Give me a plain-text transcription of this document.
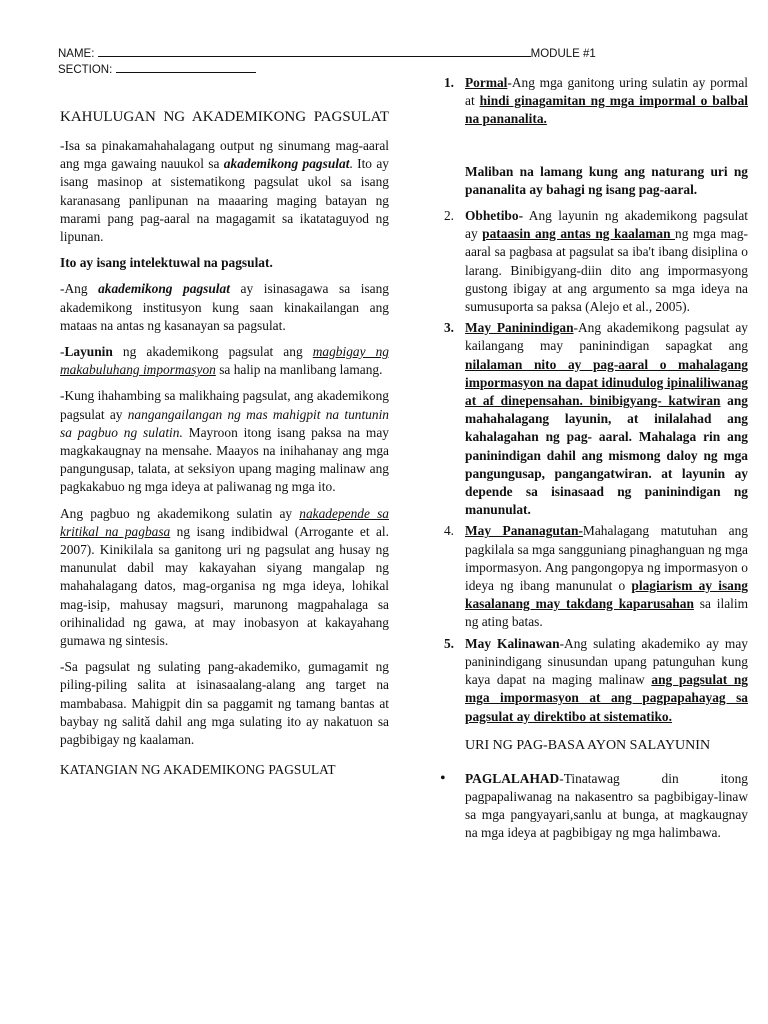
NAME:	MODULE #1
SECTION:
KAHULUGAN NG AKADEMIKONG PAGSULAT

-Isa sa pinakamahahalagang output ng sinumang mag-aaral ang mga gawaing nauukol sa akademikong pagsulat. Ito ay isang masinop at sistematikong pagsulat ukol sa isang karanasang panlipunan na maaaring maging batayan ng marami pang pag-aaral na magagamit sa ikatataguyod ng lipunan.

Ito ay isang intelektuwal na pagsulat.

-Ang akademikong pagsulat ay isinasagawa sa isang akademikong institusyon kung saan kinakailangan ang mataas na antas ng kasanayan sa pagsulat.

-Layunin ng akademikong pagsulat ang magbigay ng makabuluhang impormasyon sa halip na manlibang lamang.

-Kung ihahambing sa malikhaing pagsulat, ang akademikong pagsulat ay nangangailangan ng mas mahigpit na tuntunin sa pagbuo ng sulatin. Mayroon itong isang paksa na may magkakaugnay na mensahe. Maayos na inihahanay ang mga pangungusap, talata, at seksiyon upang maging malinaw ang pagkakabuo ng mga ideya at paliwanag ng mga ito.

Ang pagbuo ng akademikong sulatin ay nakadepende sa kritikal na pagbasa ng isang indibidwal (Arrogante et al. 2007). Kinikilala sa ganitong uri ng pagsulat ang husay ng manunulat dabil may kakayahan siyang mangalap ng mahahalagang datos, mag-organisa ng mga ideya, lohikal mag-isip, mahusay magsuri, marunong magpahalaga sa orihinalidad ng gawa, at may inobasyon at kakayahang gumawa ng sintesis.

-Sa pagsulat ng sulating pang-akademiko, gumagamit ng piling-piling salita at isinasaalang-alang ang target na mambabasa. Mahigpit din sa paggamit ng tamang bantas at baybay ng salitǎ dahil ang mga sulating ito ay nakatuon sa pagbibigay ng kaalaman.

KATANGIAN NG AKADEMIKONG PAGSULAT

1. Pormal-Ang mga ganitong uring sulatin ay pormal at hindi ginagamitan ng mga impormal o balbal na pananalita.

Maliban na lamang kung ang naturang uri ng pananalita ay bahagi ng isang pag-aaral.

2. Obhetibo- Ang layunin ng akademikong pagsulat ay pataasin ang antas ng kaalaman ng mga mag-aaral sa pagbasa at pagsulat sa iba't ibang disiplina o larang. Binibigyang-diin dito ang impormasyong gustong ibigay at ang argumento sa mga ideya na sumusuporta sa paksa (Alejo et al., 2005).
3. May Paninindigan-Ang akademikong pagsulat ay kailangang may paninindigan sapagkat ang nilalaman nito ay pag-aaral o mahalagang impormasyon na dapat idinudulog ipinaliliwanag at af dinepensahan. binibigyang- katwiran ang mahahalagang layunin, at inilalahad ang kahalagahan ng pag- aaral. Mahalaga rin ang paninindigan dahil ang mismong daloy ng mga pangungusap, pangangatwiran. at layunin ay depende sa isinasaad ng paninindigan ng manunulat.
4. May Pananagutan-Mahalagang matutuhan ang pagkilala sa mga sangguniang pinaghanguan ng mga impormasyon. Ang pangongopya ng impormasyon o ideya ng ibang manunulat o plagiarism ay isang kasalanang may takdang kaparusahan sa ilalim ng ating batas.
5. May Kalinawan-Ang sulating akademiko ay may paninindigang sinusundan upang patunguhan kung kaya dapat na maging malinaw ang pagsulat ng mga impormasyon at ang pagpapahayag sa pagsulat ay direktibo at sistematiko.
URI NG PAG-BASA AYON SALAYUNIN
• PAGLALAHAD-Tinatawag din itong pagpapaliwanag na nakasentro sa pagbibigay-linaw sa mga pangyayari,sanlu at bunga, at magkaugnay na mga ideya at pagbibigay ng mga halimbawa.
